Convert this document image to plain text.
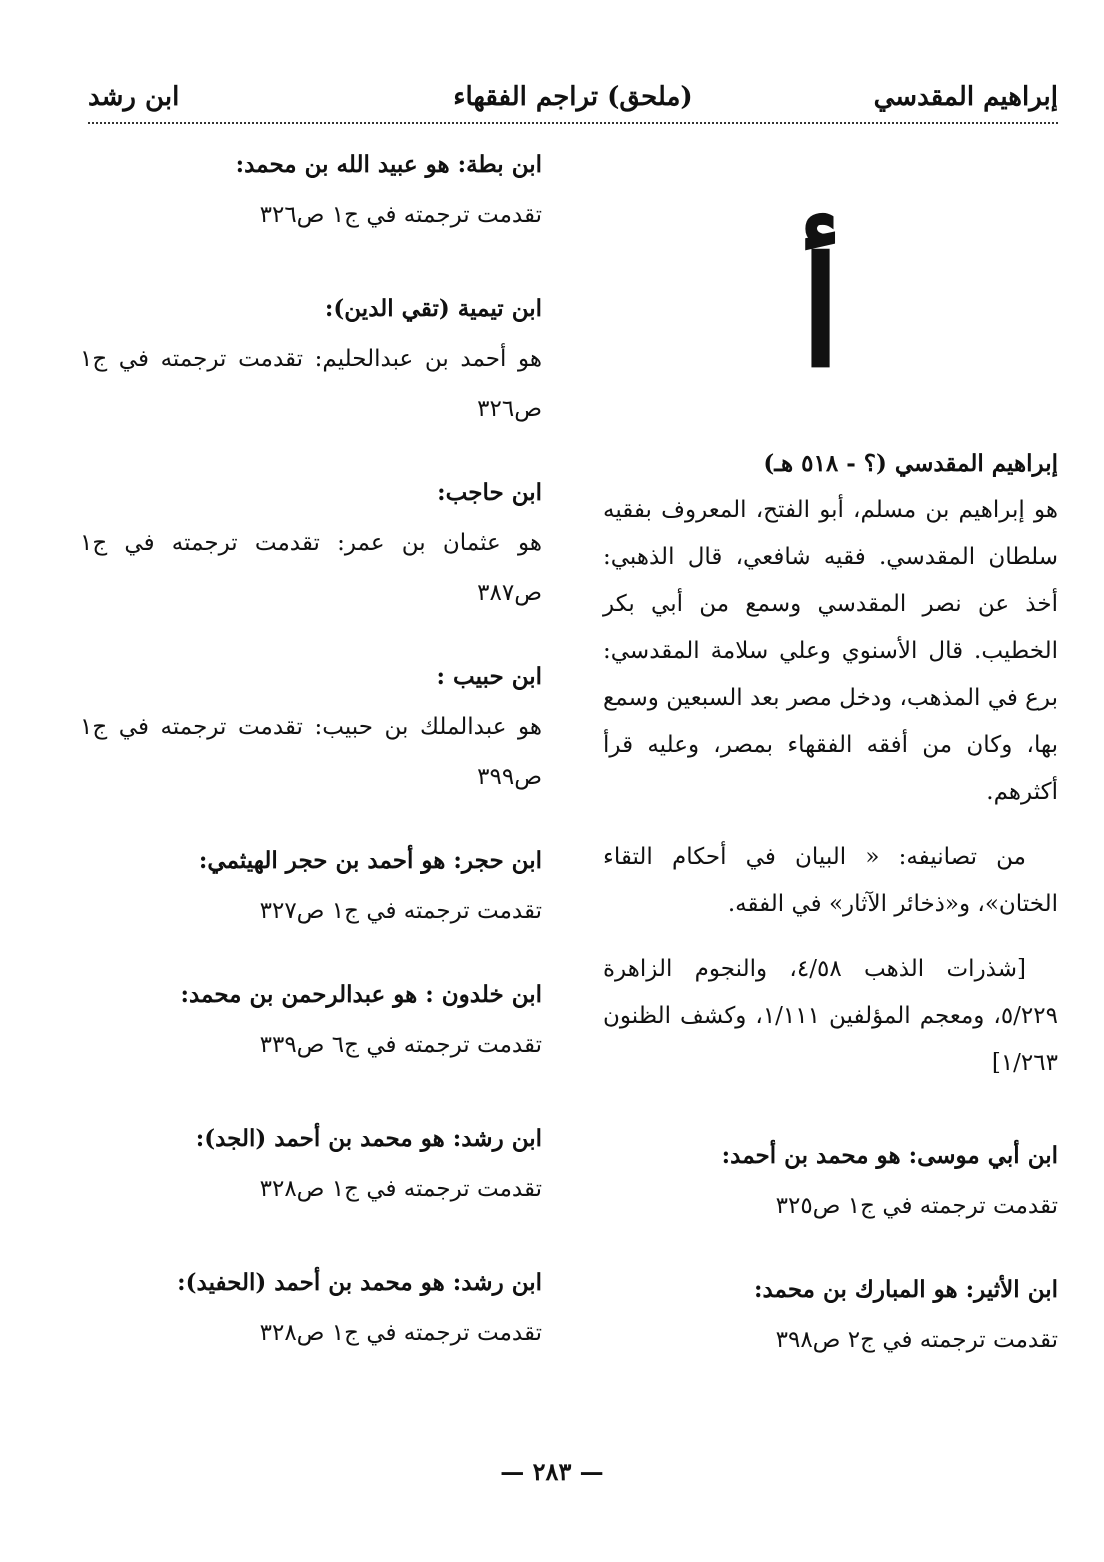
إبراهيم المقدسي
(ملحق) تراجم الفقهاء
ابن رشد
أ
إبراهيم المقدسي (؟ - ٥١٨ هـ)
هو إبراهيم بن مسلم، أبو الفتح، المعروف بفقيه سلطان المقدسي. فقيه شافعي، قال الذهبي: أخذ عن نصر المقدسي وسمع من أبي بكر الخطيب. قال الأسنوي وعلي سلامة المقدسي: برع في المذهب، ودخل مصر بعد السبعين وسمع بها، وكان من أفقه الفقهاء بمصر، وعليه قرأ أكثرهم.
من تصانيفه: « البيان في أحكام التقاء الختان»، و«ذخائر الآثار» في الفقه.
[شذرات الذهب ٤/٥٨، والنجوم الزاهرة ٥/٢٢٩، ومعجم المؤلفين ١/١١١، وكشف الظنون ١/٢٦٣]
ابن أبي موسى: هو محمد بن أحمد:
تقدمت ترجمته في ج١ ص٣٢٥
ابن الأثير: هو المبارك بن محمد:
تقدمت ترجمته في ج٢ ص٣٩٨
ابن بطة: هو عبيد الله بن محمد:
تقدمت ترجمته في ج١ ص٣٢٦
ابن تيمية (تقي الدين):
هو أحمد بن عبدالحليم: تقدمت ترجمته في ج١ ص٣٢٦
ابن حاجب:
هو عثمان بن عمر: تقدمت ترجمته في ج١ ص٣٨٧
ابن حبيب :
هو عبدالملك بن حبيب: تقدمت ترجمته في ج١ ص٣٩٩
ابن حجر: هو أحمد بن حجر الهيثمي:
تقدمت ترجمته في ج١ ص٣٢٧
ابن خلدون : هو عبدالرحمن بن محمد:
تقدمت ترجمته في ج٦ ص٣٣٩
ابن رشد: هو محمد بن أحمد (الجد):
تقدمت ترجمته في ج١ ص٣٢٨
ابن رشد: هو محمد بن أحمد (الحفيد):
تقدمت ترجمته في ج١ ص٣٢٨
— ٢٨٣ —
